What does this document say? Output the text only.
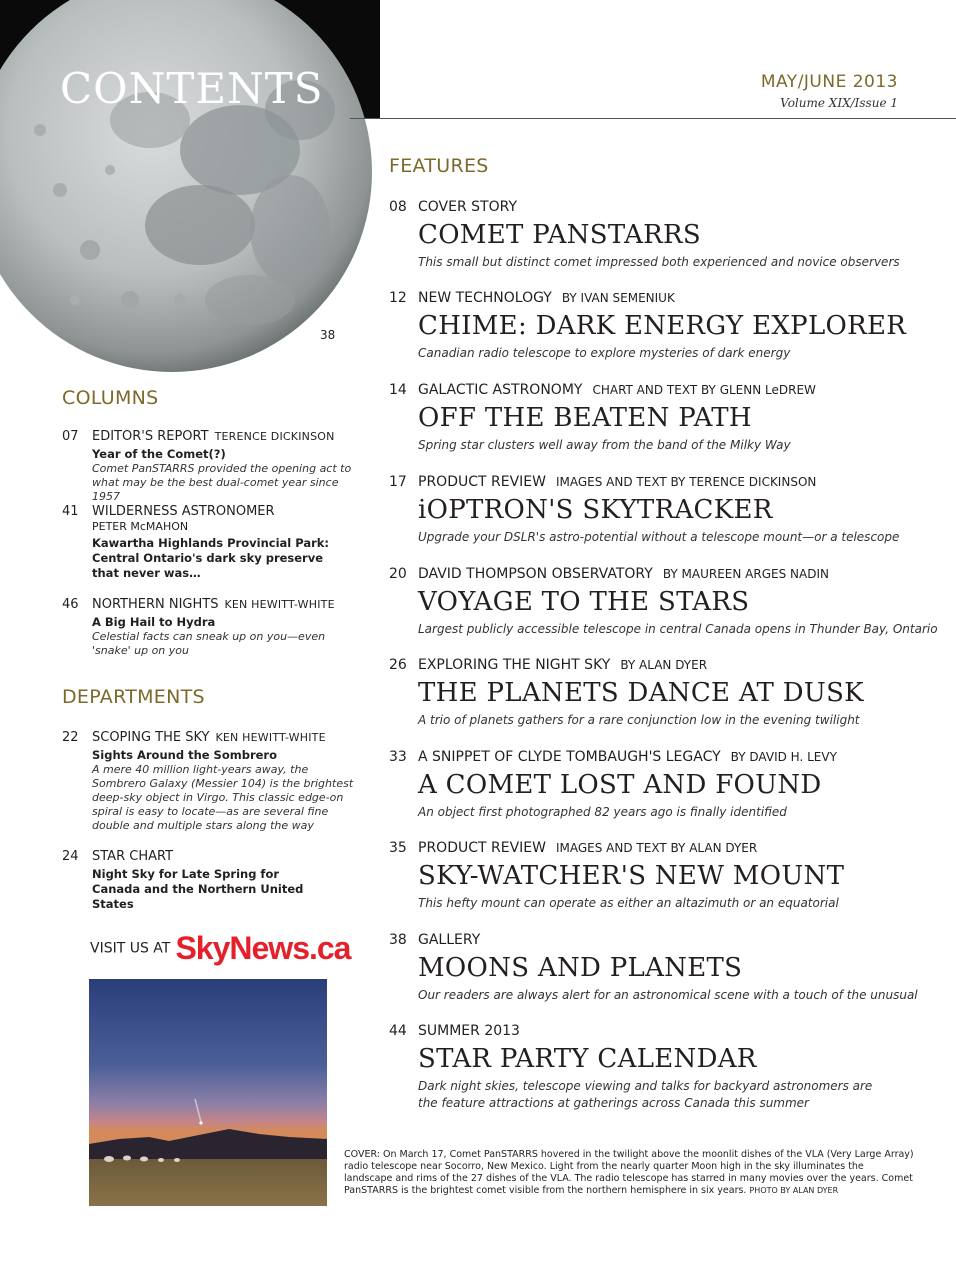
CONTENTS
38
MAY/JUNE 2013
Volume XIX/Issue 1
COLUMNS
07 EDITOR'S REPORT TERENCE DICKINSON
Year of the Comet(?)
Comet PanSTARRS provided the opening act to what may be the best dual-comet year since 1957
41 WILDERNESS ASTRONOMER
PETER McMAHON
Kawartha Highlands Provincial Park: Central Ontario's dark sky preserve that never was…
46 NORTHERN NIGHTS KEN HEWITT-WHITE
A Big Hail to Hydra
Celestial facts can sneak up on you—even 'snake' up on you
DEPARTMENTS
22 SCOPING THE SKY KEN HEWITT-WHITE
Sights Around the Sombrero
A mere 40 million light-years away, the Sombrero Galaxy (Messier 104) is the brightest deep-sky object in Virgo. This classic edge-on spiral is easy to locate—as are several fine double and multiple stars along the way
24 STAR CHART
Night Sky for Late Spring for Canada and the Northern United States
FEATURES
08 COVER STORY
COMET PANSTARRS
This small but distinct comet impressed both experienced and novice observers
12 NEW TECHNOLOGY BY IVAN SEMENIUK
CHIME: DARK ENERGY EXPLORER
Canadian radio telescope to explore mysteries of dark energy
14 GALACTIC ASTRONOMY CHART AND TEXT BY GLENN LeDREW
OFF THE BEATEN PATH
Spring star clusters well away from the band of the Milky Way
17 PRODUCT REVIEW IMAGES AND TEXT BY TERENCE DICKINSON
iOPTRON'S SKYTRACKER
Upgrade your DSLR's astro-potential without a telescope mount—or a telescope
20 DAVID THOMPSON OBSERVATORY BY MAUREEN ARGES NADIN
VOYAGE TO THE STARS
Largest publicly accessible telescope in central Canada opens in Thunder Bay, Ontario
26 EXPLORING THE NIGHT SKY BY ALAN DYER
THE PLANETS DANCE AT DUSK
A trio of planets gathers for a rare conjunction low in the evening twilight
33 A SNIPPET OF CLYDE TOMBAUGH'S LEGACY BY DAVID H. LEVY
A COMET LOST AND FOUND
An object first photographed 82 years ago is finally identified
35 PRODUCT REVIEW IMAGES AND TEXT BY ALAN DYER
SKY-WATCHER'S NEW MOUNT
This hefty mount can operate as either an altazimuth or an equatorial
38 GALLERY
MOONS AND PLANETS
Our readers are always alert for an astronomical scene with a touch of the unusual
44 SUMMER 2013
STAR PARTY CALENDAR
Dark night skies, telescope viewing and talks for backyard astronomers are the feature attractions at gatherings across Canada this summer
VISIT US AT SkyNews.ca
COVER: On March 17, Comet PanSTARRS hovered in the twilight above the moonlit dishes of the VLA (Very Large Array) radio telescope near Socorro, New Mexico. Light from the nearly quarter Moon high in the sky illuminates the landscape and rims of the 27 dishes of the VLA. The radio telescope has starred in many movies over the years. Comet PanSTARRS is the brightest comet visible from the northern hemisphere in six years. PHOTO BY ALAN DYER
